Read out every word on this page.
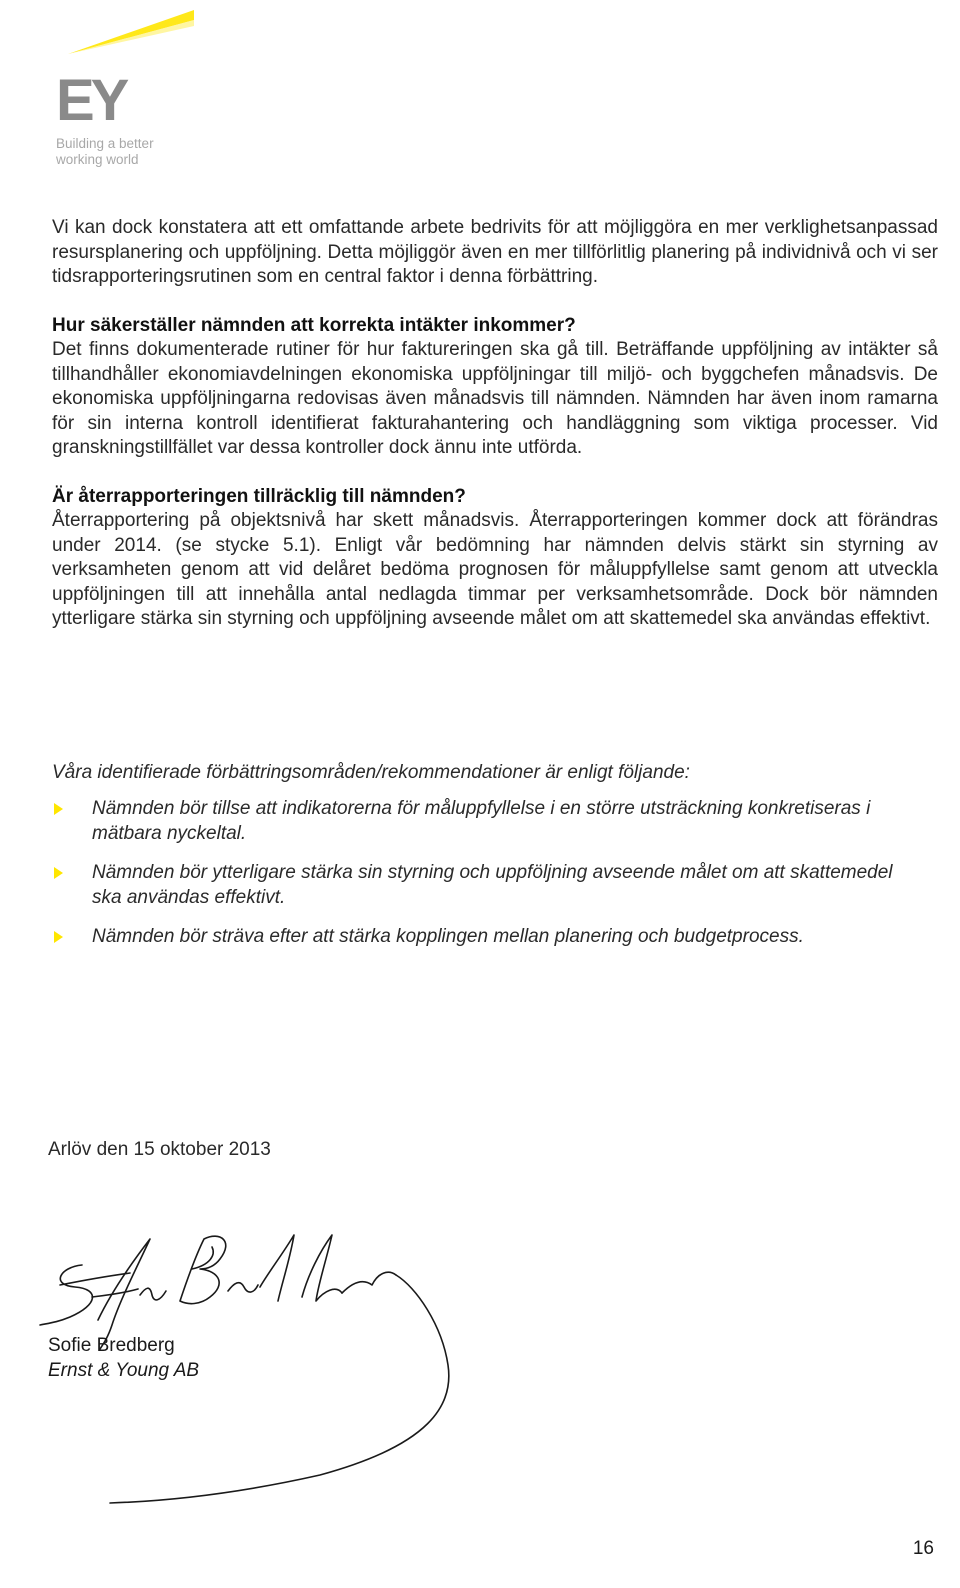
EY
Building a better working world

Vi kan dock konstatera att ett omfattande arbete bedrivits för att möjliggöra en mer verklighetsanpassad resursplanering och uppföljning. Detta möjliggör även en mer tillförlitlig planering på individnivå och vi ser tidsrapporteringsrutinen som en central faktor i denna förbättring.

Hur säkerställer nämnden att korrekta intäkter inkommer?

Det finns dokumenterade rutiner för hur faktureringen ska gå till. Beträffande uppföljning av intäkter så tillhandhåller ekonomiavdelningen ekonomiska uppföljningar till miljö- och byggchefen månadsvis. De ekonomiska uppföljningarna redovisas även månadsvis till nämnden. Nämnden har även inom ramarna för sin interna kontroll identifierat fakturahantering och handläggning som viktiga processer. Vid granskningstillfället var dessa kontroller dock ännu inte utförda.

Är återrapporteringen tillräcklig till nämnden?

Återrapportering på objektsnivå har skett månadsvis. Återrapporteringen kommer dock att förändras under 2014. (se stycke 5.1). Enligt vår bedömning har nämnden delvis stärkt sin styrning av verksamheten genom att vid delåret bedöma prognosen för måluppfyllelse samt genom att utveckla uppföljningen till att innehålla antal nedlagda timmar per verksamhetsområde. Dock bör nämnden ytterligare stärka sin styrning och uppföljning avseende målet om att skattemedel ska användas effektivt.

Våra identifierade förbättringsområden/rekommendationer är enligt följande:

Nämnden bör tillse att indikatorerna för måluppfyllelse i en större utsträckning konkretiseras i mätbara nyckeltal.
Nämnden bör ytterligare stärka sin styrning och uppföljning avseende målet om att skattemedel ska användas effektivt.
Nämnden bör sträva efter att stärka kopplingen mellan planering och budgetprocess.

Arlöv den 15 oktober 2013

Sofie Bredberg

Ernst & Young AB

16
